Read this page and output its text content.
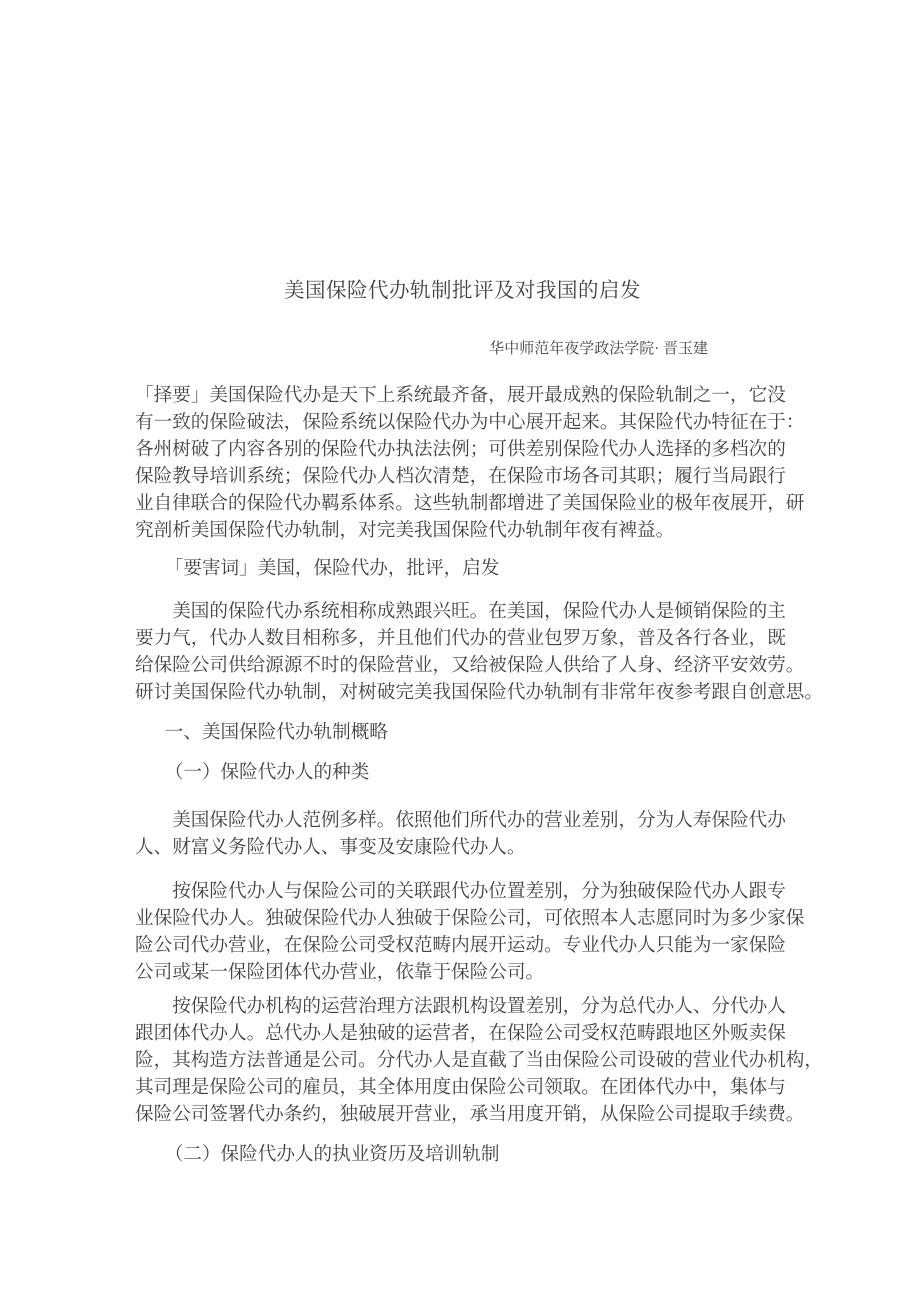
美国保险代办轨制批评及对我国的启发
华中师范年夜学政法学院· 晋玉建
「择要」美国保险代办是天下上系统最齐备，展开最成熟的保险轨制之一，它没
有一致的保险破法，保险系统以保险代办为中心展开起来。其保险代办特征在于：
各州树破了内容各别的保险代办执法法例；可供差别保险代办人选择的多档次的
保险教导培训系统；保险代办人档次清楚，在保险市场各司其职；履行当局跟行
业自律联合的保险代办羁系体系。这些轨制都增进了美国保险业的极年夜展开，研
究剖析美国保险代办轨制，对完美我国保险代办轨制年夜有裨益。
「要害词」美国，保险代办，批评，启发
美国的保险代办系统相称成熟跟兴旺。在美国，保险代办人是倾销保险的主
要力气，代办人数目相称多，并且他们代办的营业包罗万象，普及各行各业，既
给保险公司供给源源不时的保险营业，又给被保险人供给了人身、经济平安效劳。
研讨美国保险代办轨制，对树破完美我国保险代办轨制有非常年夜参考跟自创意思。
一、美国保险代办轨制概略
（一）保险代办人的种类
美国保险代办人范例多样。依照他们所代办的营业差别，分为人寿保险代办
人、财富义务险代办人、事变及安康险代办人。
按保险代办人与保险公司的关联跟代办位置差别，分为独破保险代办人跟专
业保险代办人。独破保险代办人独破于保险公司，可依照本人志愿同时为多少家保
险公司代办营业，在保险公司受权范畴内展开运动。专业代办人只能为一家保险
公司或某一保险团体代办营业，依靠于保险公司。
按保险代办机构的运营治理方法跟机构设置差别，分为总代办人、分代办人
跟团体代办人。总代办人是独破的运营者，在保险公司受权范畴跟地区外贩卖保
险，其构造方法普通是公司。分代办人是直截了当由保险公司设破的营业代办机构，
其司理是保险公司的雇员，其全体用度由保险公司领取。在团体代办中，集体与
保险公司签署代办条约，独破展开营业，承当用度开销，从保险公司提取手续费。
（二）保险代办人的执业资历及培训轨制
